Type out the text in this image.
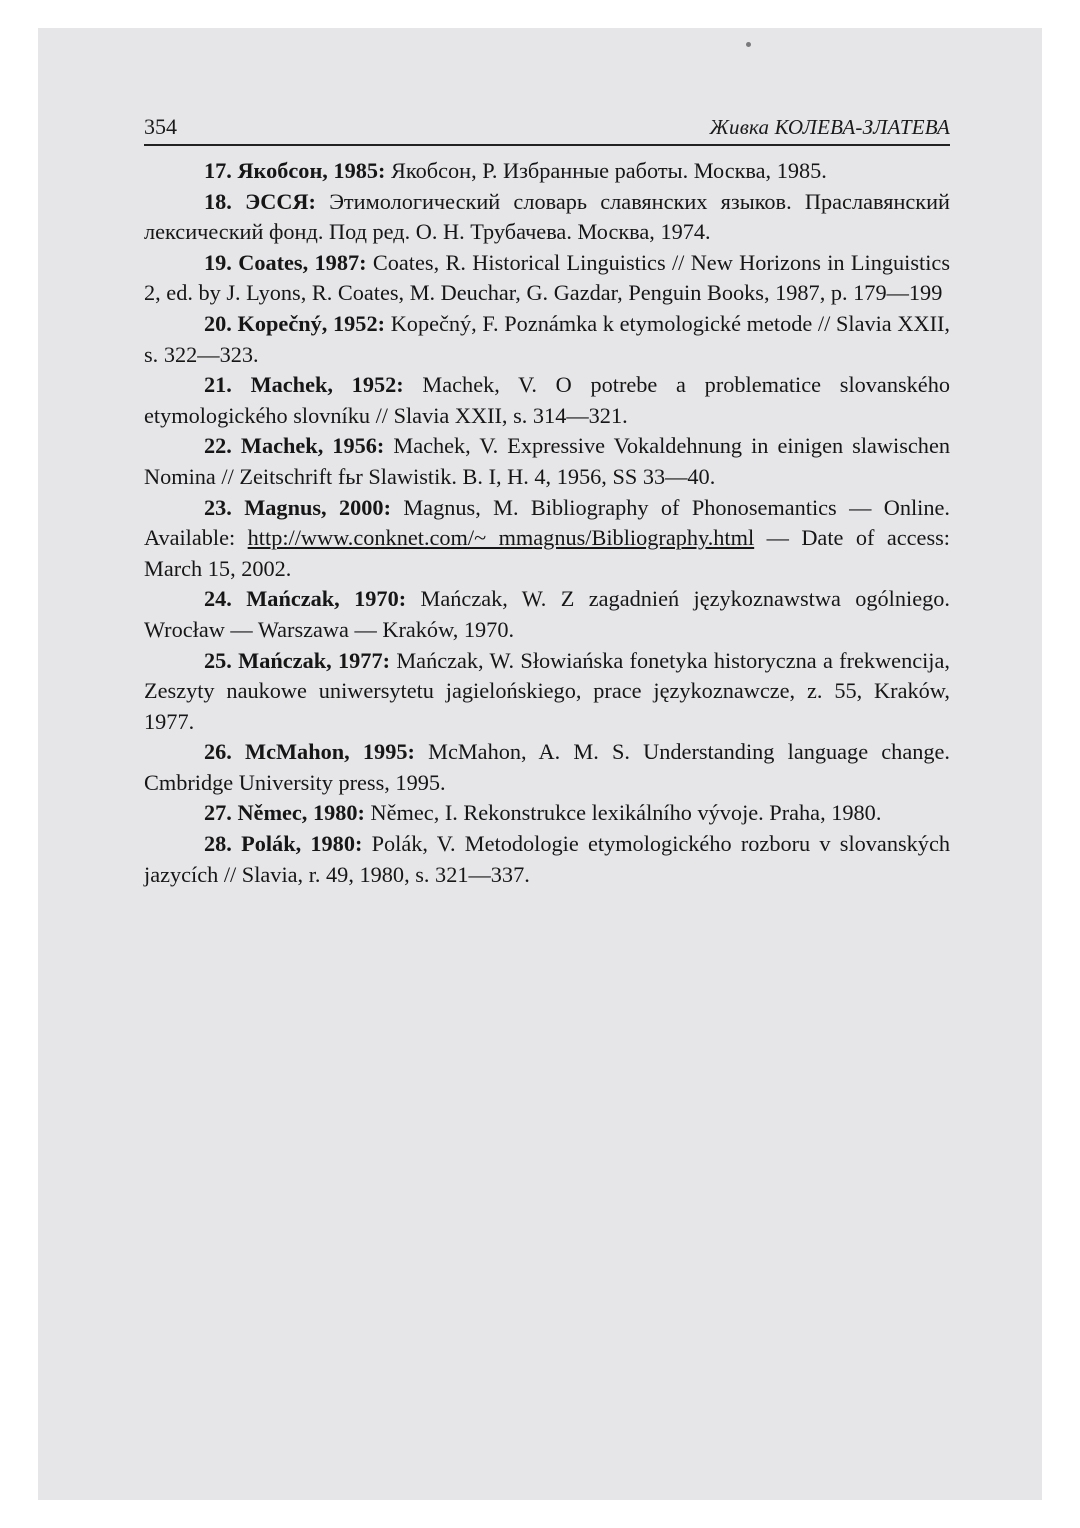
354	Живка КОЛЕВА-ЗЛАТЕВА

17. Якобсон, 1985: Якобсон, Р. Избранные работы. Москва, 1985.

18. ЭССЯ: Этимологический словарь славянских языков. Праславянский лексический фонд. Под ред. О. Н. Трубачева. Москва, 1974.

19. Coates, 1987: Coates, R. Historical Linguistics // New Horizons in Linguistics 2, ed. by J. Lyons, R. Coates, M. Deuchar, G. Gazdar, Penguin Books, 1987, p. 179—199

20. Kopečný, 1952: Kopečný, F. Poznámka k etymologické metode // Slavia XXII, s. 322—323.

21. Machek, 1952: Machek, V. O potrebe a problematice slovanského etymologického slovníku // Slavia XXII, s. 314—321.

22. Machek, 1956: Machek, V. Expressive Vokaldehnung in einigen slawischen Nomina // Zeitschrift fьr Slawistik. B. I, H. 4, 1956, SS 33—40.

23. Magnus, 2000: Magnus, M. Bibliography of Phonosemantics — Online. Available: http://www.conknet.com/~ mmagnus/Bibliography.html — Date of access: March 15, 2002.

24. Mańczak, 1970: Mańczak, W. Z zagadnień językoznawstwa ogólniego. Wrocław — Warszawa — Kraków, 1970.

25. Mańczak, 1977: Mańczak, W. Słowiańska fonetyka historyczna a frekwencija, Zeszyty naukowe uniwersytetu jagielońskiego, prace językoznawcze, z. 55, Kraków, 1977.

26. McMahon, 1995: McMahon, A. M. S. Understanding language change. Cmbridge University press, 1995.

27. Němec, 1980: Němec, I. Rekonstrukce lexikálního vývoje. Praha, 1980.

28. Polák, 1980: Polák, V. Metodologie etymologického rozboru v slovanských jazycích // Slavia, r. 49, 1980, s. 321—337.
